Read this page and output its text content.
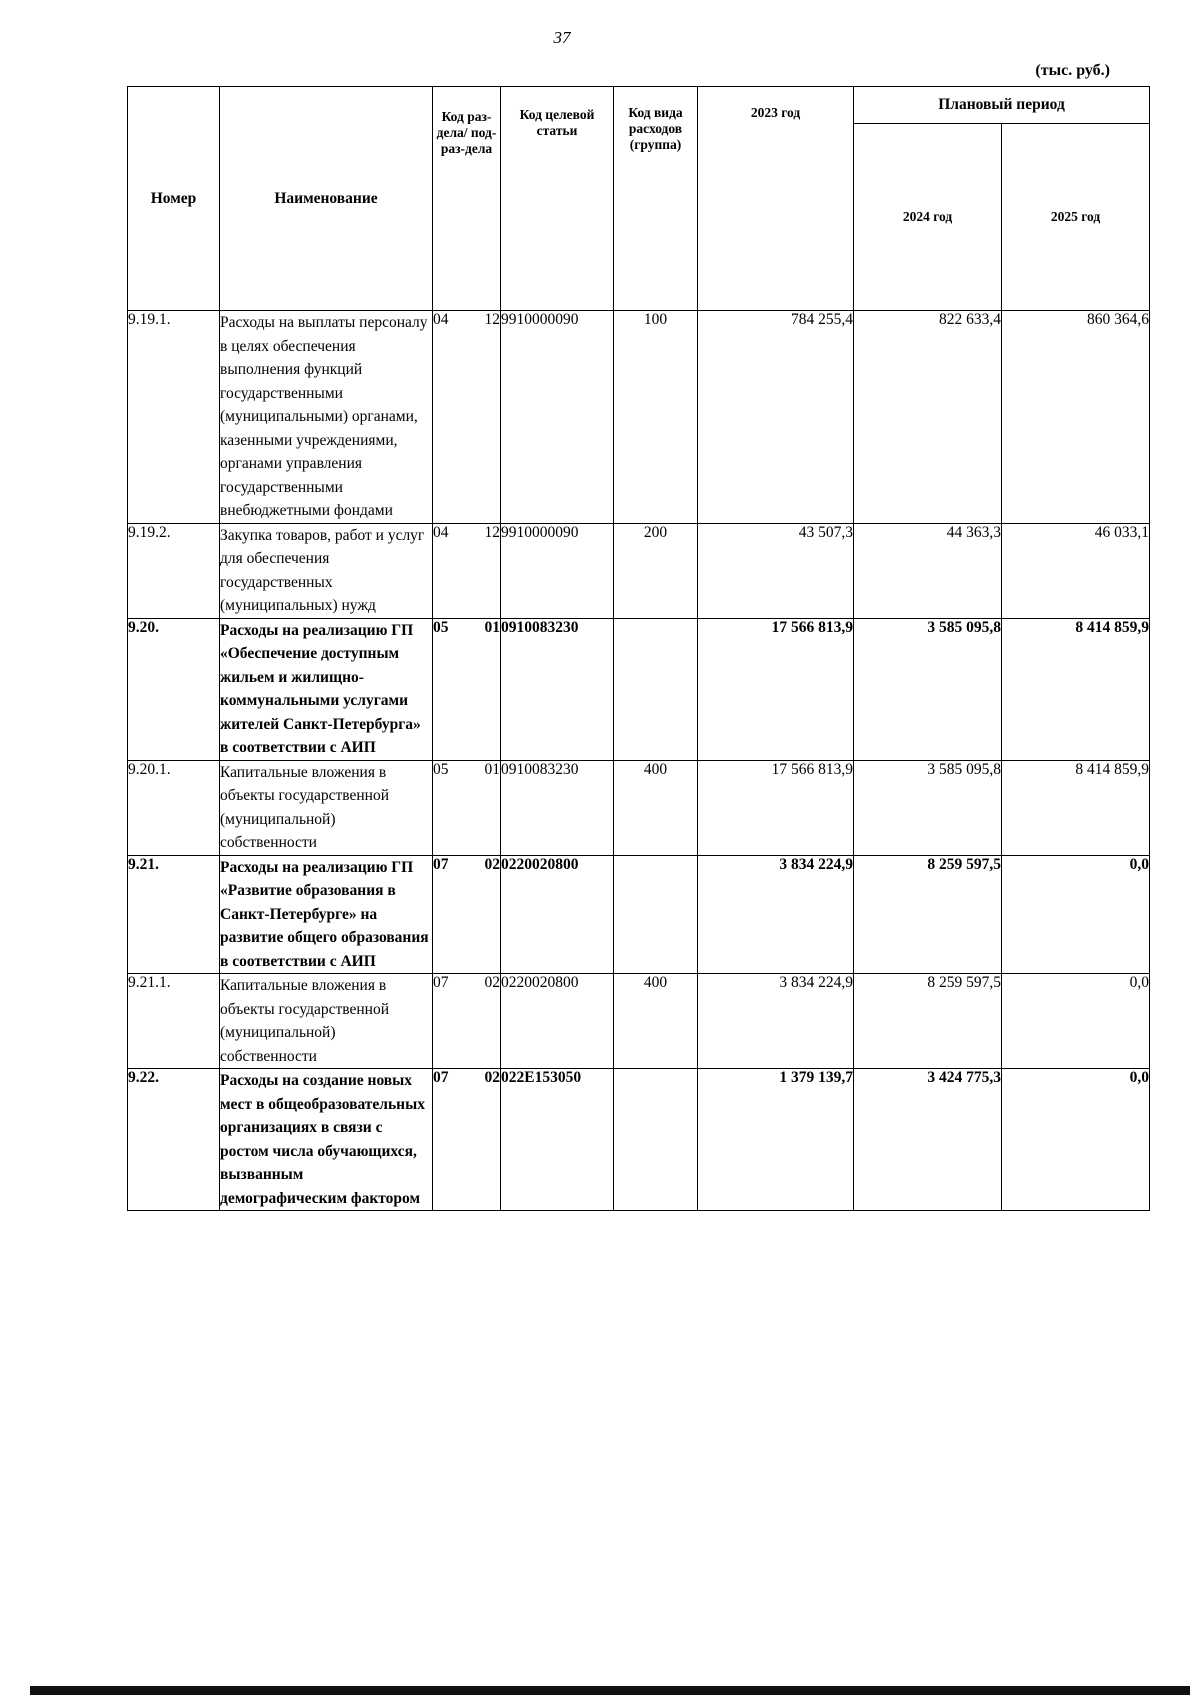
37
(тыс. руб.)
Номер	Наименование	Код раз-дела/ под-раз-дела	Код целевой статьи	Код вида расходов (группа)	2023 год	Плановый период	
						2024 год	2025 год
9.19.1.	Расходы на выплаты персоналу в целях обеспечения выполнения функций государственными (муниципальными) органами, казенными учреждениями, органами управления государственными внебюджетными фондами	04 12	9910000090	100	784 255,4	822 633,4	860 364,6
9.19.2.	Закупка товаров, работ и услуг для обеспечения государственных (муниципальных) нужд	04 12	9910000090	200	43 507,3	44 363,3	46 033,1
9.20.	Расходы на реализацию ГП «Обеспечение доступным жильем и жилищно-коммунальными услугами жителей Санкт-Петербурга» в соответствии с АИП	05 01	0910083230		17 566 813,9	3 585 095,8	8 414 859,9
9.20.1.	Капитальные вложения в объекты государственной (муниципальной) собственности	05 01	0910083230	400	17 566 813,9	3 585 095,8	8 414 859,9
9.21.	Расходы на реализацию ГП «Развитие образования в Санкт-Петербурге» на развитие общего образования в соответствии с АИП	07 02	0220020800		3 834 224,9	8 259 597,5	0,0
9.21.1.	Капитальные вложения в объекты государственной (муниципальной) собственности	07 02	0220020800	400	3 834 224,9	8 259 597,5	0,0
9.22.	Расходы на создание новых мест в общеобразовательных организациях в связи с ростом числа обучающихся, вызванным демографическим фактором	07 02	022Е153050		1 379 139,7	3 424 775,3	0,0
